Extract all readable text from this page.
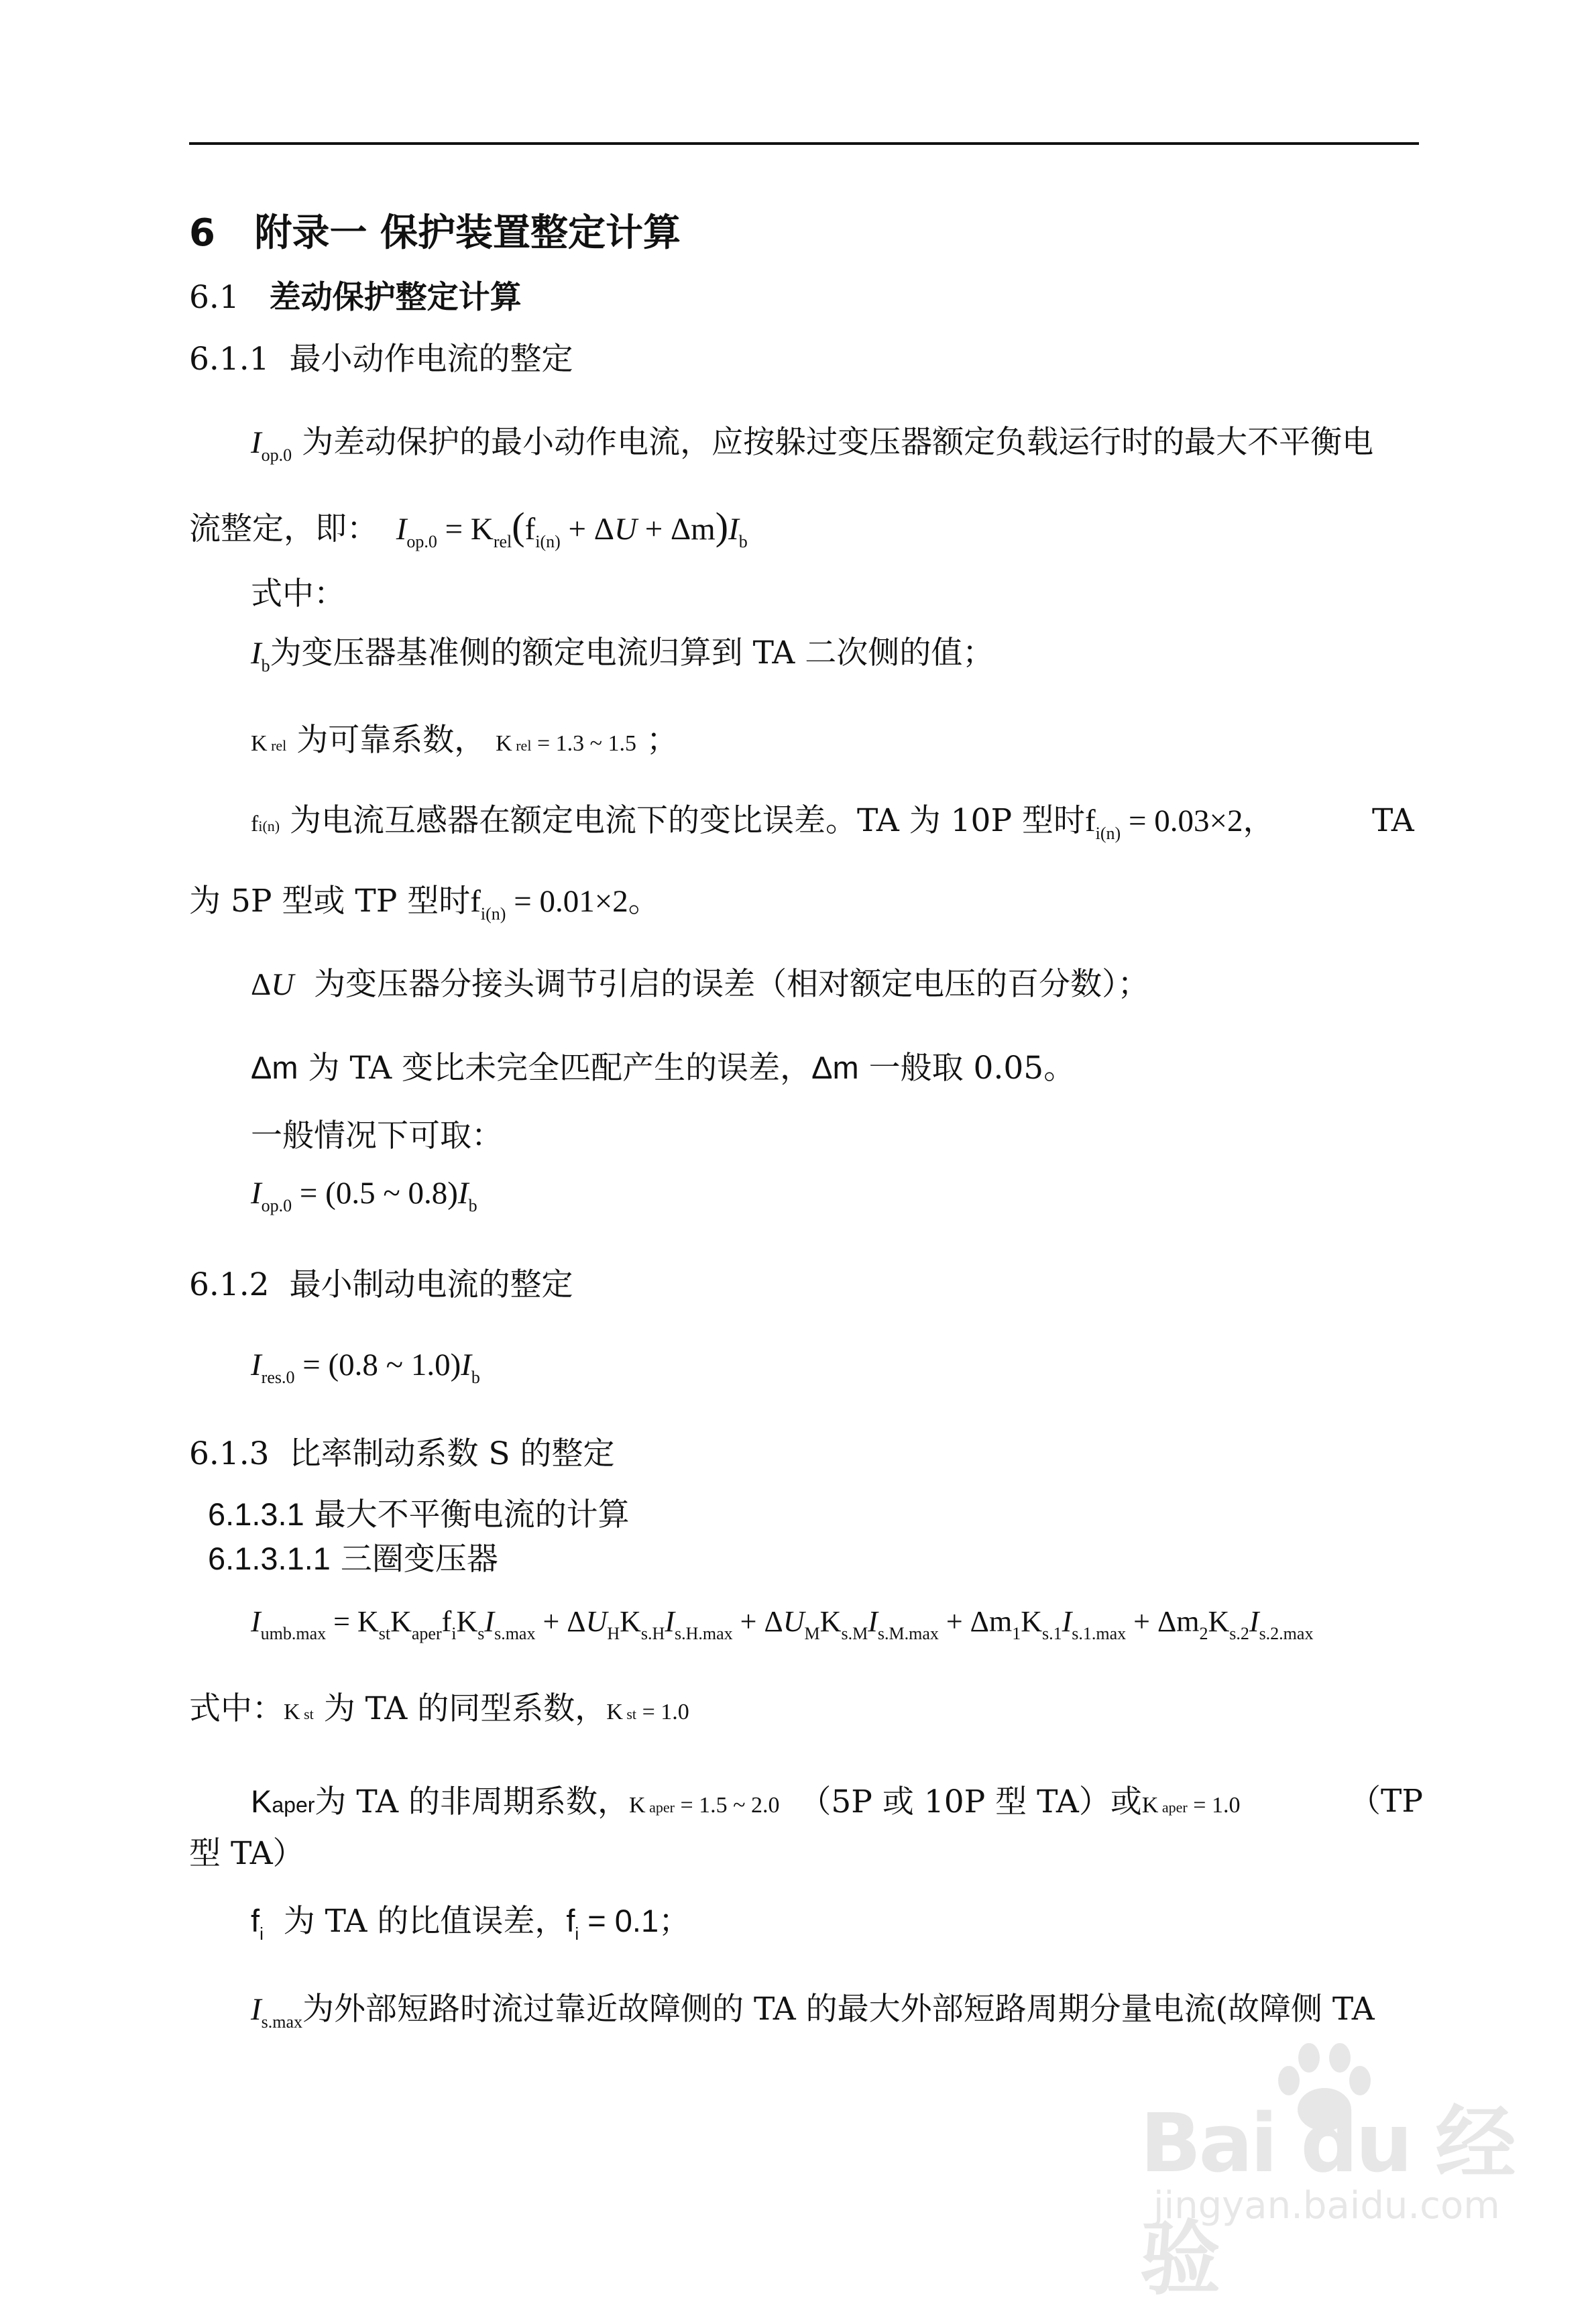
6 附录一 保护装置整定计算
6.1 差动保护整定计算
6.1.1 最小动作电流的整定
$I_{op.0}$ 为差动保护的最小动作电流，应按躲过变压器额定负载运行时的最大不平衡电
流整定，即： $I_{op.0} = K_{rel}(f_{i(n)} + \Delta U + \Delta m)I_b$
式中：
$I_b$为变压器基准侧的额定电流归算到 TA 二次侧的值；
K rel 为可靠系数， K rel = 1.3 ~ 1.5 ；
fi(n) 为电流互感器在额定电流下的变比误差。TA 为 10P 型时$f_{i(n)} = 0.03\times 2$，	TA
为 5P 型或 TP 型时$f_{i(n)} = 0.01\times 2$。
ΔU 为变压器分接头调节引启的误差（相对额定电压的百分数）；
Δm 为 TA 变比未完全匹配产生的误差，Δm 一般取 0.05。
一般情况下可取：
$I_{op.0} = (0.5$ ~ $0.8)I_b$
6.1.2 最小制动电流的整定
$I_{res.0} = (0.8$ ~ $1.0)I_b$
6.1.3 比率制动系数 S 的整定
6.1.3.1 最大不平衡电流的计算
6.1.3.1.1 三圈变压器
$I_{umb.max} = K_{st}K_{aper}f_iK_sI_{s.max} + \Delta U_HK_{s.H}I_{s.H.max} + \Delta U_MK_{s.M}I_{s.M.max} + \Delta m_1K_{s.1}I_{s.1.max} + \Delta m_2K_{s.2}I_{s.2.max}$
式中：K st 为 TA 的同型系数，K st = 1.0
Kaper为 TA 的非周期系数，K aper = 1.5 ~ 2.0 （5P 或 10P 型 TA）或K aper = 1.0	（TP
型 TA）
$f_i$ 为 TA 的比值误差，$f_i = 0.1$；
$I_{s.max}$为外部短路时流过靠近故障侧的 TA 的最大外部短路周期分量电流(故障侧 TA
Bai du 经验
jingyan.baidu.com
